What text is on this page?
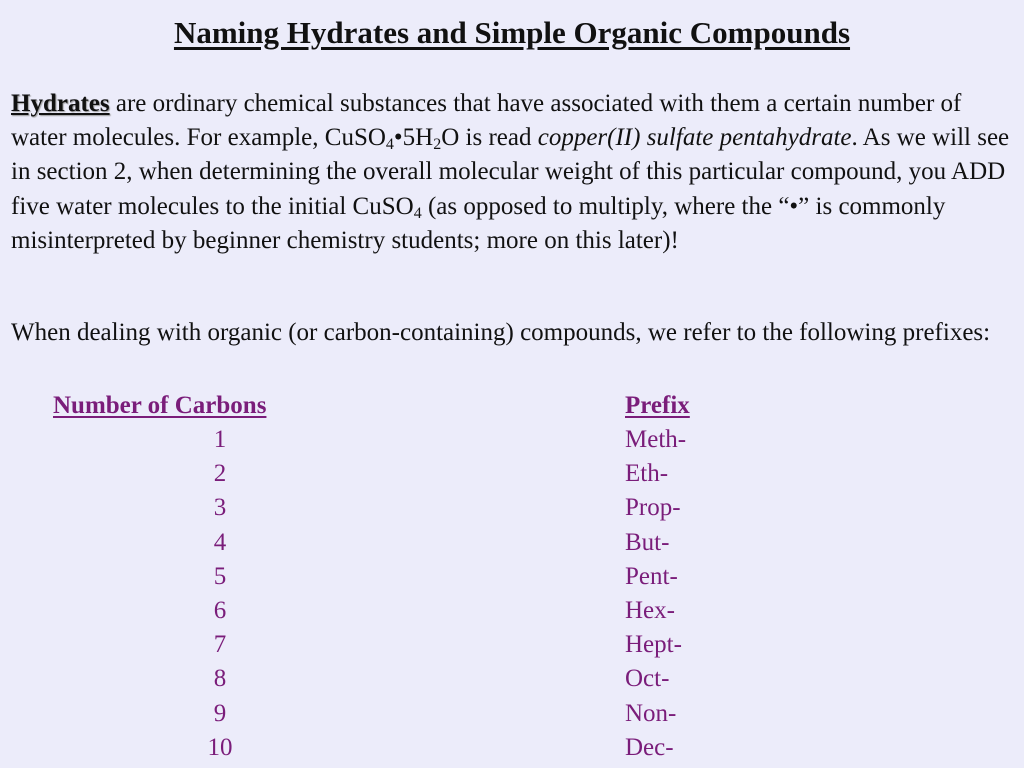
Naming Hydrates and Simple Organic Compounds
Hydrates are ordinary chemical substances that have associated with them a certain number of water molecules. For example, $CuSO_4•5H_2O$ is read copper(II) sulfate pentahydrate. As we will see in section 2, when determining the overall molecular weight of this particular compound, you ADD five water molecules to the initial CuSO$_4$ (as opposed to multiply, where the “•” is commonly misinterpreted by beginner chemistry students; more on this later)!
When dealing with organic (or carbon-containing) compounds, we refer to the following prefixes:
Number of Carbons	Prefix
1	Meth-
2	Eth-
3	Prop-
4	But-
5	Pent-
6	Hex-
7	Hept-
8	Oct-
9	Non-
10	Dec-
